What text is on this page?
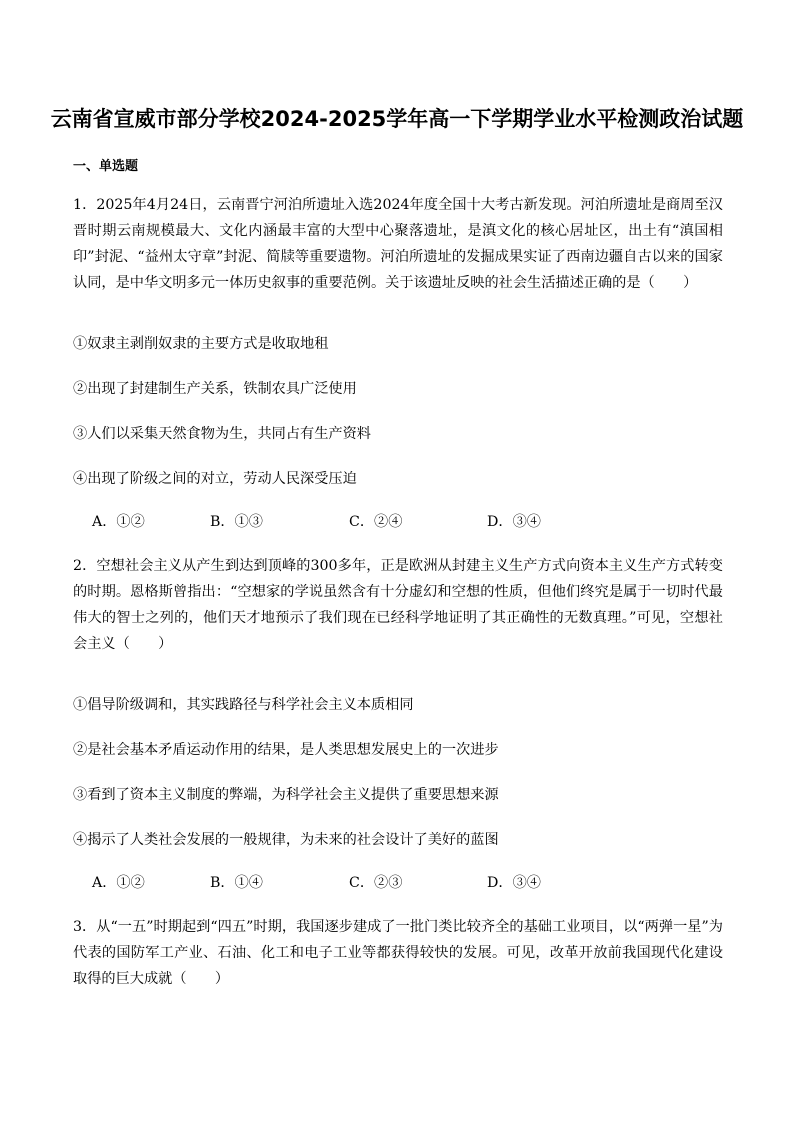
云南省宣威市部分学校2024-2025学年高一下学期学业水平检测政治试题
一、单选题
1．2025年4月24日，云南晋宁河泊所遗址入选2024年度全国十大考古新发现。河泊所遗址是商周至汉晋时期云南规模最大、文化内涵最丰富的大型中心聚落遗址，是滇文化的核心居址区，出土有“滇国相印”封泥、“益州太守章”封泥、简牍等重要遗物。河泊所遗址的发掘成果实证了西南边疆自古以来的国家认同，是中华文明多元一体历史叙事的重要范例。关于该遗址反映的社会生活描述正确的是（　　）
①奴隶主剥削奴隶的主要方式是收取地租
②出现了封建制生产关系，铁制农具广泛使用
③人们以采集天然食物为生，共同占有生产资料
④出现了阶级之间的对立，劳动人民深受压迫
A．①②	B．①③	C．②④	D．③④
2．空想社会主义从产生到达到顶峰的300多年，正是欧洲从封建主义生产方式向资本主义生产方式转变的时期。恩格斯曾指出：“空想家的学说虽然含有十分虚幻和空想的性质，但他们终究是属于一切时代最伟大的智士之列的，他们天才地预示了我们现在已经科学地证明了其正确性的无数真理。”可见，空想社会主义（　　）
①倡导阶级调和，其实践路径与科学社会主义本质相同
②是社会基本矛盾运动作用的结果，是人类思想发展史上的一次进步
③看到了资本主义制度的弊端，为科学社会主义提供了重要思想来源
④揭示了人类社会发展的一般规律，为未来的社会设计了美好的蓝图
A．①②	B．①④	C．②③	D．③④
3．从“一五”时期起到“四五”时期，我国逐步建成了一批门类比较齐全的基础工业项目，以“两弹一星”为代表的国防军工产业、石油、化工和电子工业等都获得较快的发展。可见，改革开放前我国现代化建设取得的巨大成就（　　）
